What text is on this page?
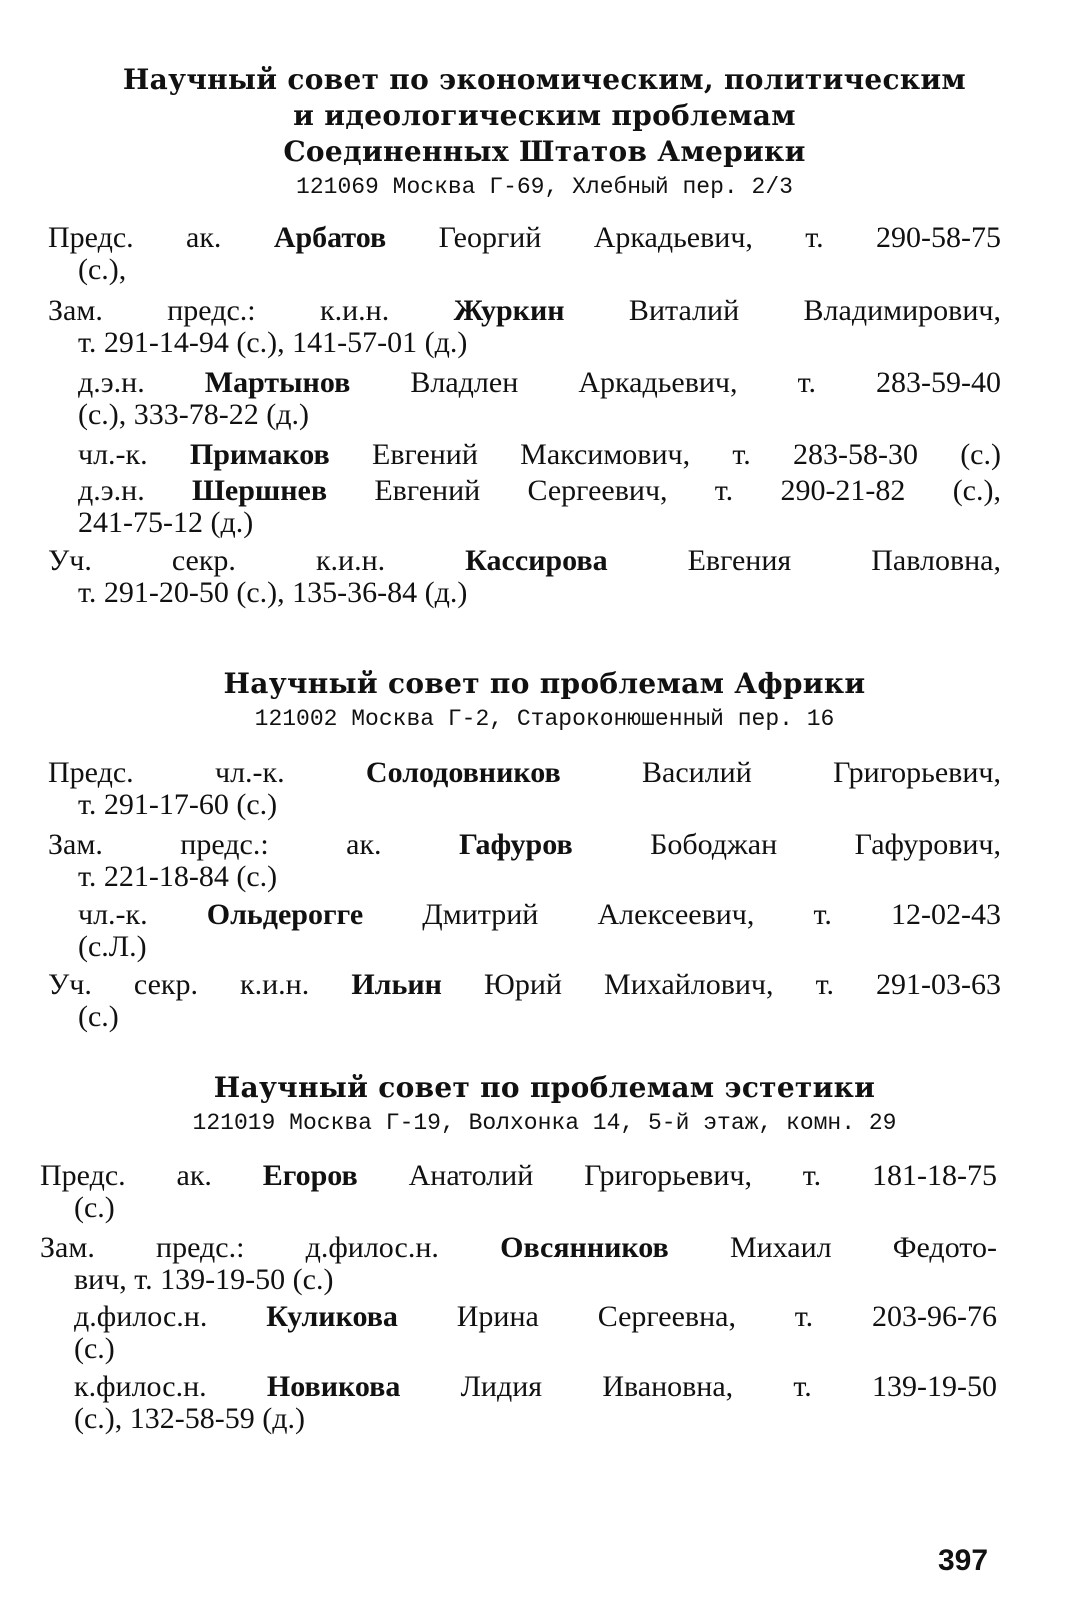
Научный совет по экономическим, политическим
и идеологическим проблемам
Соединенных Штатов Америки
121069 Москва Г-69, Хлебный пер. 2/3
Предс. ак. Арбатов Георгий Аркадьевич, т. 290-58-75
(с.),
Зам. предс.: к.и.н. Журкин Виталий Владимирович,
т. 291-14-94 (с.), 141-57-01 (д.)
д.э.н. Мартынов Владлен Аркадьевич, т. 283-59-40
(с.), 333-78-22 (д.)
чл.-к. Примаков Евгений Максимович, т. 283-58-30 (с.)
д.э.н. Шершнев Евгений Сергеевич, т. 290-21-82 (с.),
241-75-12 (д.)
Уч. секр. к.и.н. Кассирова Евгения Павловна,
т. 291-20-50 (с.), 135-36-84 (д.)
Научный совет по проблемам Африки
121002 Москва Г-2, Староконюшенный пер. 16
Предс. чл.-к. Солодовников Василий Григорьевич,
т. 291-17-60 (с.)
Зам. предс.: ак. Гафуров Бободжан Гафурович,
т. 221-18-84 (с.)
чл.-к. Ольдерогге Дмитрий Алексеевич, т. 12-02-43
(с.Л.)
Уч. секр. к.и.н. Ильин Юрий Михайлович, т. 291-03-63
(с.)
Научный совет по проблемам эстетики
121019 Москва Г-19, Волхонка 14, 5-й этаж, комн. 29
Предс. ак. Егоров Анатолий Григорьевич, т. 181-18-75
(с.)
Зам. предс.: д.филос.н. Овсянников Михаил Федото-
вич, т. 139-19-50 (с.)
д.филос.н. Куликова Ирина Сергеевна, т. 203-96-76
(с.)
к.филос.н. Новикова Лидия Ивановна, т. 139-19-50
(с.), 132-58-59 (д.)
397
